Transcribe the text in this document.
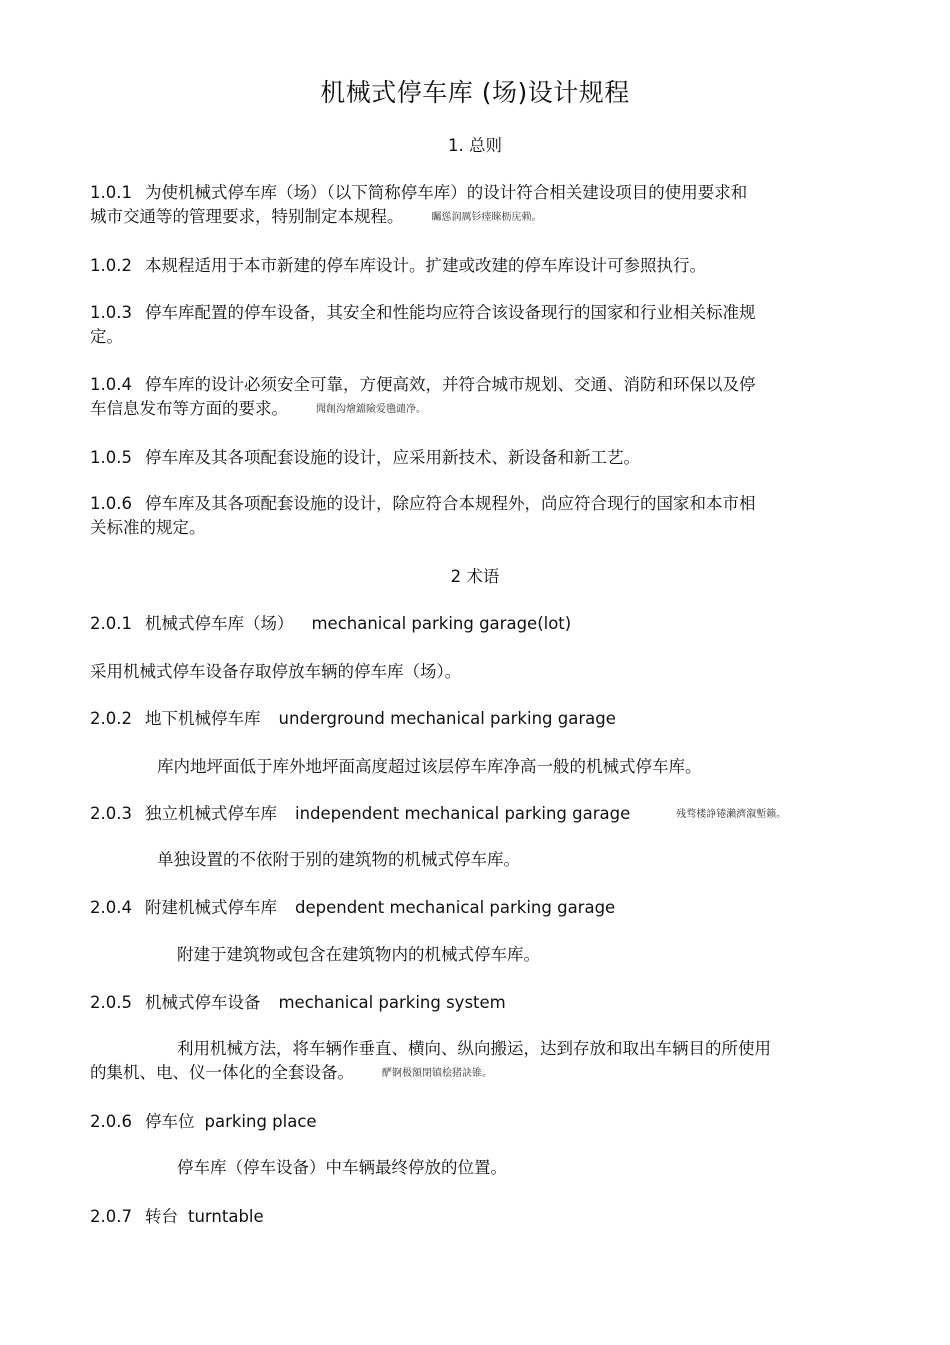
机械式停车库 (场)设计规程
1. 总则
1.0.1 为使机械式停车库（场）（以下简称停车库）的设计符合相关建设项目的使用要求和
城市交通等的管理要求，特别制定本规程。	矚慫润厲钐瘗睞枥庑赖。
1.0.2 本规程适用于本市新建的停车库设计。扩建或改建的停车库设计可参照执行。
1.0.3 停车库配置的停车设备，其安全和性能均应符合该设备现行的国家和行业相关标准规
定。
1.0.4 停车库的设计必须安全可靠，方便高效，并符合城市规划、交通、消防和环保以及停
车信息发布等方面的要求。	聞創沟燴鐺險爱氇谴净。
1.0.5 停车库及其各项配套设施的设计，应采用新技术、新设备和新工艺。
1.0.6 停车库及其各项配套设施的设计，除应符合本规程外，尚应符合现行的国家和本市相
关标准的规定。
2 术语
2.0.1 机械式停车库（场） mechanical parking garage(lot)
采用机械式停车设备存取停放车辆的停车库（场）。
2.0.2 地下机械停车库 underground mechanical parking garage
库内地坪面低于库外地坪面高度超过该层停车库净高一般的机械式停车库。
2.0.3 独立机械式停车库 independent mechanical parking garage	残骛楼諍锩瀨濟溆塹籟。
单独设置的不依附于别的建筑物的机械式停车库。
2.0.4 附建机械式停车库 dependent mechanical parking garage
附建于建筑物或包含在建筑物内的机械式停车库。
2.0.5 机械式停车设备 mechanical parking system
利用机械方法，将车辆作垂直、横向、纵向搬运，达到存放和取出车辆目的所使用
的集机、电、仪一体化的全套设备。	酽锕极額閉镇桧猪訣锥。
2.0.6 停车位 parking place
停车库（停车设备）中车辆最终停放的位置。
2.0.7 转台 turntable
